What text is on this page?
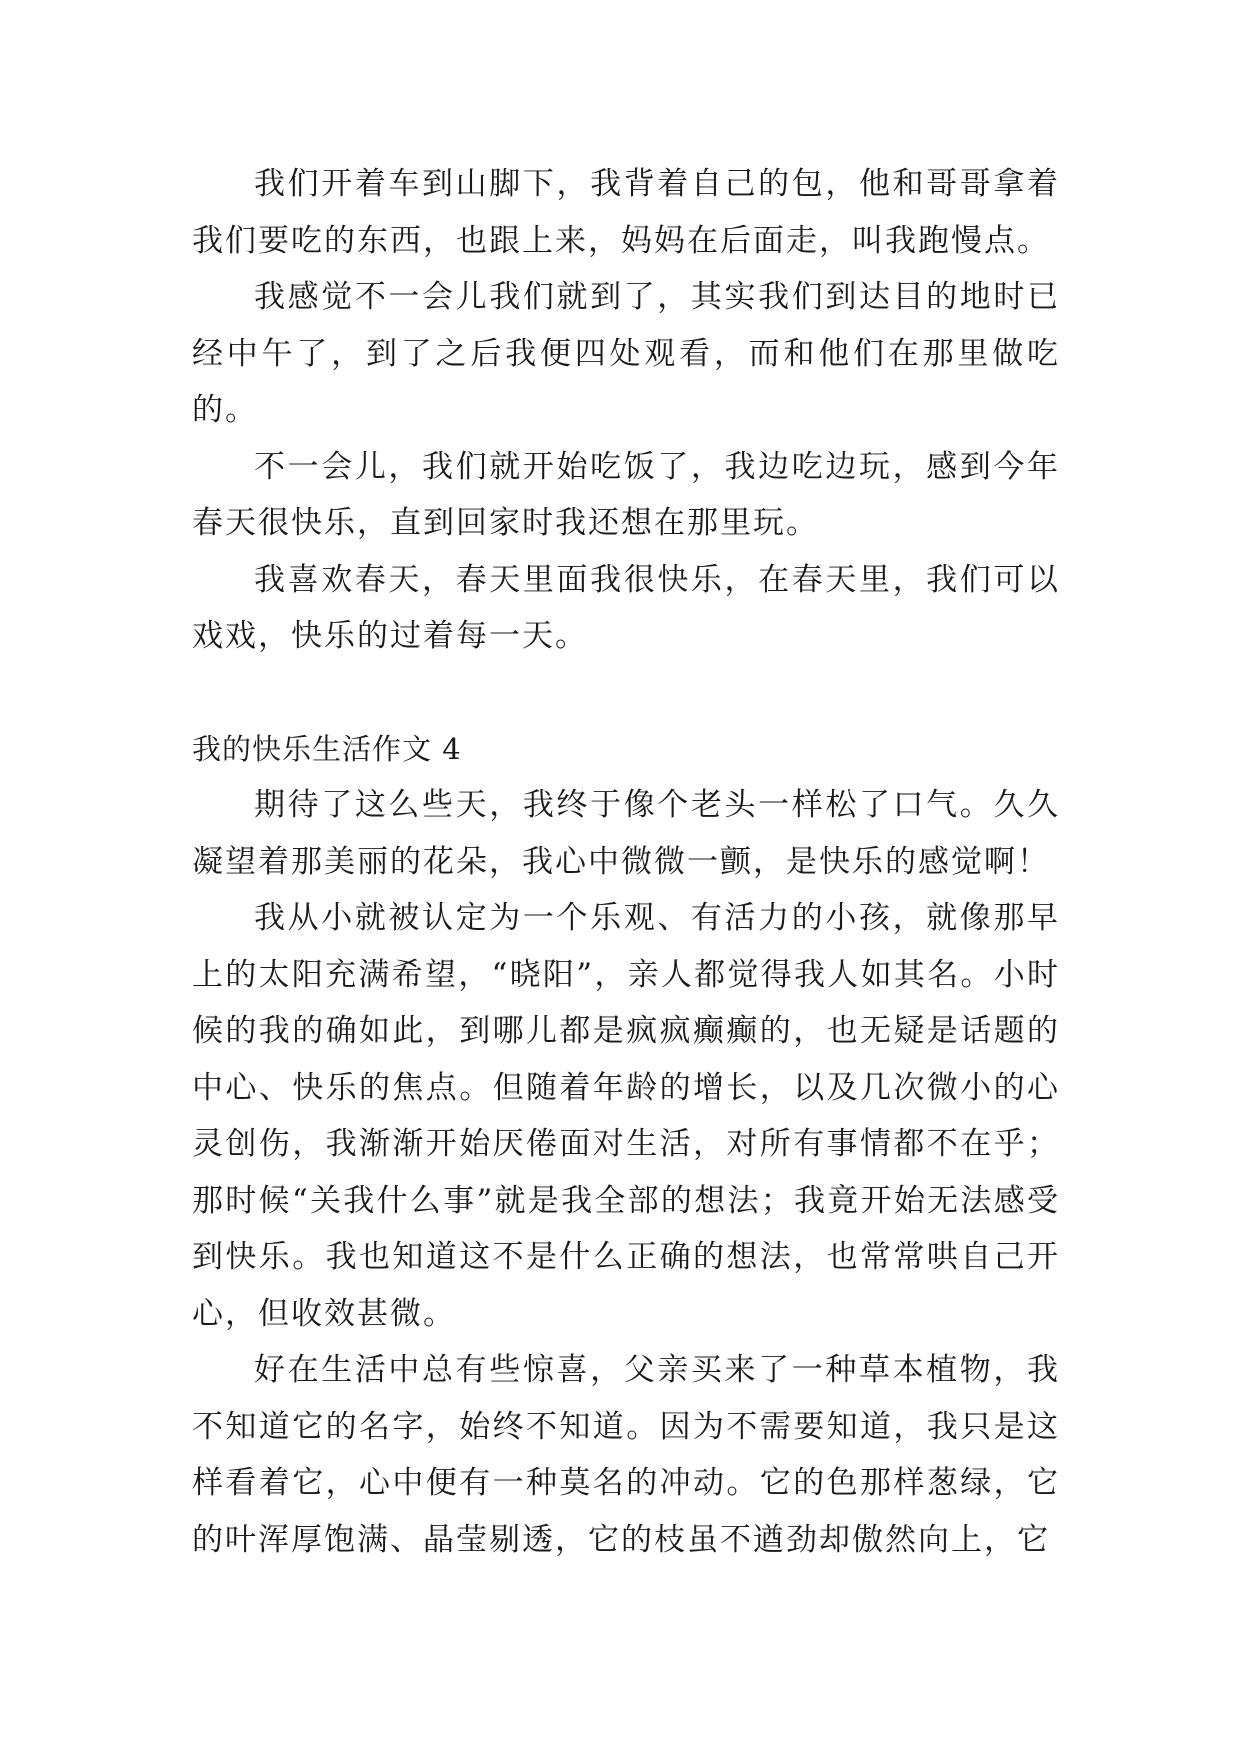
我们开着车到山脚下，我背着自己的包，他和哥哥拿着我们要吃的东西，也跟上来，妈妈在后面走，叫我跑慢点。

我感觉不一会儿我们就到了，其实我们到达目的地时已经中午了，到了之后我便四处观看，而和他们在那里做吃的。

不一会儿，我们就开始吃饭了，我边吃边玩，感到今年春天很快乐，直到回家时我还想在那里玩。

我喜欢春天，春天里面我很快乐，在春天里，我们可以戏戏，快乐的过着每一天。

我的快乐生活作文 4

期待了这么些天，我终于像个老头一样松了口气。久久凝望着那美丽的花朵，我心中微微一颤，是快乐的感觉啊！

我从小就被认定为一个乐观、有活力的小孩，就像那早上的太阳充满希望，“晓阳”，亲人都觉得我人如其名。小时候的我的确如此，到哪儿都是疯疯癫癫的，也无疑是话题的中心、快乐的焦点。但随着年龄的增长，以及几次微小的心灵创伤，我渐渐开始厌倦面对生活，对所有事情都不在乎；那时候“关我什么事”就是我全部的想法；我竟开始无法感受到快乐。我也知道这不是什么正确的想法，也常常哄自己开心，但收效甚微。

好在生活中总有些惊喜，父亲买来了一种草本植物，我不知道它的名字，始终不知道。因为不需要知道，我只是这样看着它，心中便有一种莫名的冲动。它的色那样葱绿，它的叶浑厚饱满、晶莹剔透，它的枝虽不遒劲却傲然向上，它
